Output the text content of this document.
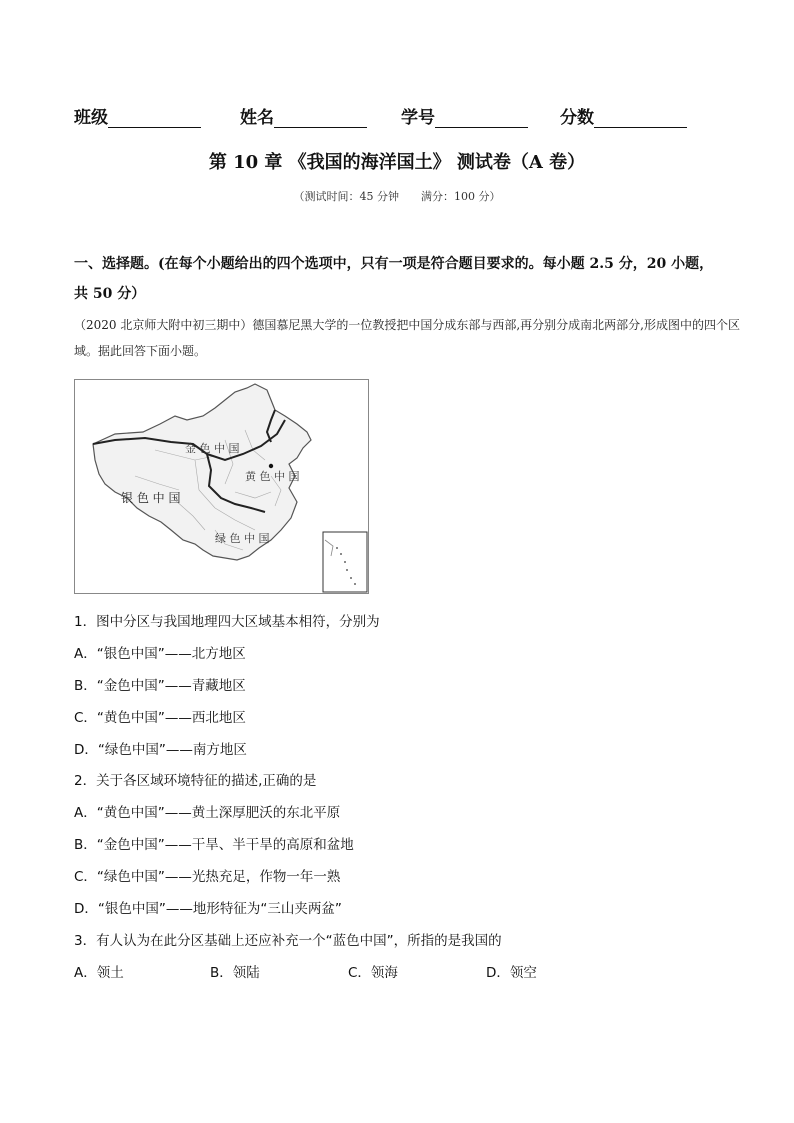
班级	姓名	学号	分数
第 10 章 《我国的海洋国土》 测试卷（A 卷）
（测试时间：45 分钟　　满分：100 分）
一、选择题。(在每个小题给出的四个选项中，只有一项是符合题目要求的。每小题 2.5 分，20 小题，共 50 分）
（2020 北京师大附中初三期中）德国慕尼黑大学的一位教授把中国分成东部与西部,再分别分成南北两部分,形成图中的四个区域。据此回答下面小题。
金 色 中 国
银 色 中 国
黄 色 中 国
绿 色 中 国
1．图中分区与我国地理四大区域基本相符，分别为
A．“银色中国”——北方地区
B．“金色中国”——青藏地区
C．“黄色中国”——西北地区
D．“绿色中国”——南方地区
2．关于各区域环境特征的描述,正确的是
A．“黄色中国”——黄土深厚肥沃的东北平原
B．“金色中国”——干旱、半干旱的高原和盆地
C．“绿色中国”——光热充足，作物一年一熟
D．“银色中国”——地形特征为“三山夹两盆”
3．有人认为在此分区基础上还应补充一个“蓝色中国”，所指的是我国的
A．领土	B．领陆	C．领海	D．领空
